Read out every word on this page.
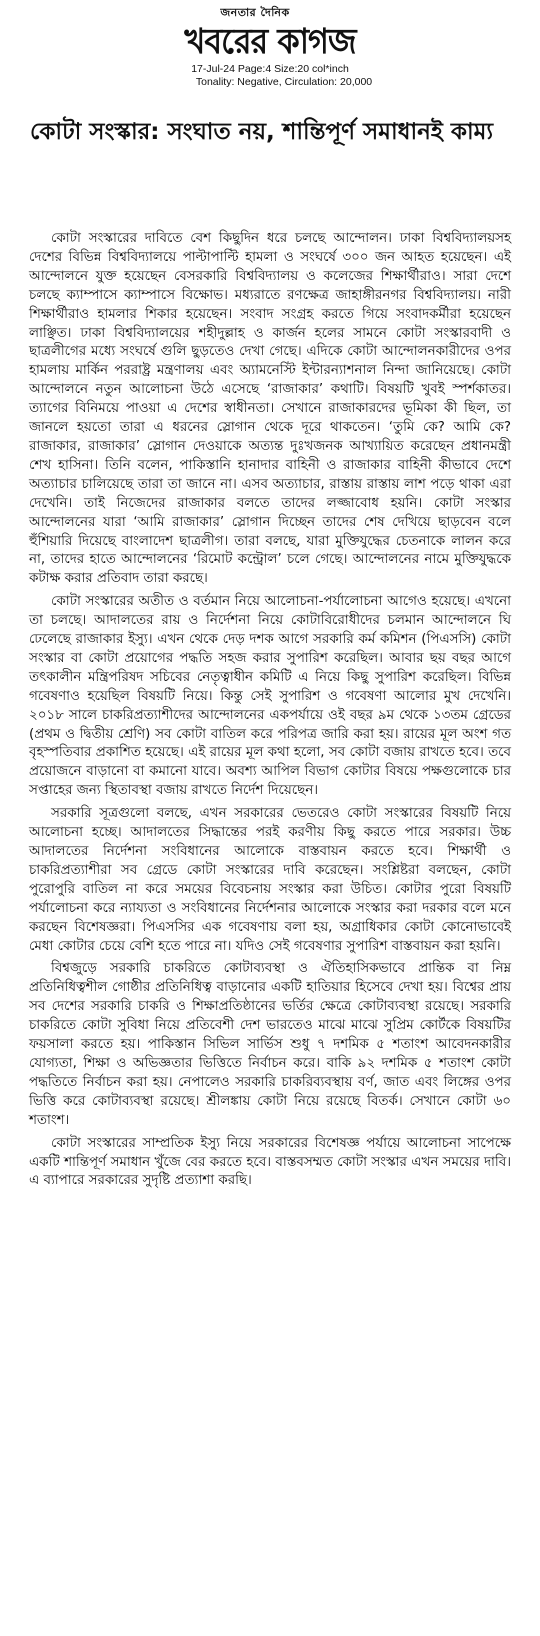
জনতার দৈনিক
খবরের কাগজ
17-Jul-24 Page:4 Size:20 col*inch
Tonality: Negative, Circulation: 20,000
কোটা সংস্কার: সংঘাত নয়, শান্তিপূর্ণ সমাধানই কাম্য

কোটা সংস্কারের দাবিতে বেশ কিছুদিন ধরে চলছে আন্দোলন। ঢাকা বিশ্ববিদ্যালয়সহ দেশের বিভিন্ন বিশ্ববিদ্যালয়ে পাল্টাপাল্টি হামলা ও সংঘর্ষে ৩০০ জন আহত হয়েছেন। এই আন্দোলনে যুক্ত হয়েছেন বেসরকারি বিশ্ববিদ্যালয় ও কলেজের শিক্ষার্থীরাও। সারা দেশে চলছে ক্যাম্পাসে ক্যাম্পাসে বিক্ষোভ। মধ্যরাতে রণক্ষেত্র জাহাঙ্গীরনগর বিশ্ববিদ্যালয়। নারী শিক্ষার্থীরাও হামলার শিকার হয়েছেন। সংবাদ সংগ্রহ করতে গিয়ে সংবাদকর্মীরা হয়েছেন লাঞ্ছিত। ঢাকা বিশ্ববিদ্যালয়ের শহীদুল্লাহ ও কার্জন হলের সামনে কোটা সংস্কারবাদী ও ছাত্রলীগের মধ্যে সংঘর্ষে গুলি ছুড়তেও দেখা গেছে। এদিকে কোটা আন্দোলনকারীদের ওপর হামলায় মার্কিন পররাষ্ট্র মন্ত্রণালয় এবং অ্যামনেস্টি ইন্টারন্যাশনাল নিন্দা জানিয়েছে। কোটা আন্দোলনে নতুন আলোচনা উঠে এসেছে ‘রাজাকার’ কথাটি। বিষয়টি খুবই স্পর্শকাতর। ত্যাগের বিনিময়ে পাওয়া এ দেশের স্বাধীনতা। সেখানে রাজাকারদের ভূমিকা কী ছিল, তা জানলে হয়তো তারা এ ধরনের স্লোগান থেকে দূরে থাকতেন। ‘তুমি কে? আমি কে? রাজাকার, রাজাকার’ স্লোগান দেওয়াকে অত্যন্ত দুঃখজনক আখ্যায়িত করেছেন প্রধানমন্ত্রী শেখ হাসিনা। তিনি বলেন, পাকিস্তানি হানাদার বাহিনী ও রাজাকার বাহিনী কীভাবে দেশে অত্যাচার চালিয়েছে তারা তা জানে না। এসব অত্যাচার, রাস্তায় রাস্তায় লাশ পড়ে থাকা এরা দেখেনি। তাই নিজেদের রাজাকার বলতে তাদের লজ্জাবোধ হয়নি। কোটা সংস্কার আন্দোলনের যারা ‘আমি রাজাকার’ স্লোগান দিচ্ছেন তাদের শেষ দেখিয়ে ছাড়বেন বলে হুঁশিয়ারি দিয়েছে বাংলাদেশ ছাত্রলীগ। তারা বলছে, যারা মুক্তিযুদ্ধের চেতনাকে লালন করে না, তাদের হাতে আন্দোলনের ‘রিমোট কন্ট্রোল’ চলে গেছে। আন্দোলনের নামে মুক্তিযুদ্ধকে কটাক্ষ করার প্রতিবাদ তারা করছে।

কোটা সংস্কারের অতীত ও বর্তমান নিয়ে আলোচনা-পর্যালোচনা আগেও হয়েছে। এখনো তা চলছে। আদালতের রায় ও নির্দেশনা নিয়ে কোটাবিরোধীদের চলমান আন্দোলনে ঘি ঢেলেছে রাজাকার ইস্যু। এখন থেকে দেড় দশক আগে সরকারি কর্ম কমিশন (পিএসসি) কোটা সংস্কার বা কোটা প্রয়োগের পদ্ধতি সহজ করার সুপারিশ করেছিল। আবার ছয় বছর আগে তৎকালীন মন্ত্রিপরিষদ সচিবের নেতৃত্বাধীন কমিটি এ নিয়ে কিছু সুপারিশ করেছিল। বিভিন্ন গবেষণাও হয়েছিল বিষয়টি নিয়ে। কিন্তু সেই সুপারিশ ও গবেষণা আলোর মুখ দেখেনি। ২০১৮ সালে চাকরিপ্রত্যাশীদের আন্দোলনের একপর্যায়ে ওই বছর ৯ম থেকে ১৩তম গ্রেডের (প্রথম ও দ্বিতীয় শ্রেণি) সব কোটা বাতিল করে পরিপত্র জারি করা হয়। রায়ের মূল অংশ গত বৃহস্পতিবার প্রকাশিত হয়েছে। এই রায়ের মূল কথা হলো, সব কোটা বজায় রাখতে হবে। তবে প্রয়োজনে বাড়ানো বা কমানো যাবে। অবশ্য আপিল বিভাগ কোটার বিষয়ে পক্ষগুলোকে চার সপ্তাহের জন্য স্থিতাবস্থা বজায় রাখতে নির্দেশ দিয়েছেন।

সরকারি সূত্রগুলো বলছে, এখন সরকারের ভেতরেও কোটা সংস্কারের বিষয়টি নিয়ে আলোচনা হচ্ছে। আদালতের সিদ্ধান্তের পরই করণীয় কিছু করতে পারে সরকার। উচ্চ আদালতের নির্দেশনা সংবিধানের আলোকে বাস্তবায়ন করতে হবে। শিক্ষার্থী ও চাকরিপ্রত্যাশীরা সব গ্রেডে কোটা সংস্কারের দাবি করেছেন। সংশ্লিষ্টরা বলছেন, কোটা পুরোপুরি বাতিল না করে সময়ের বিবেচনায় সংস্কার করা উচিত। কোটার পুরো বিষয়টি পর্যালোচনা করে ন্যায্যতা ও সংবিধানের নির্দেশনার আলোকে সংস্কার করা দরকার বলে মনে করছেন বিশেষজ্ঞরা। পিএসসির এক গবেষণায় বলা হয়, অগ্রাধিকার কোটা কোনোভাবেই মেধা কোটার চেয়ে বেশি হতে পারে না। যদিও সেই গবেষণার সুপারিশ বাস্তবায়ন করা হয়নি।

বিশ্বজুড়ে সরকারি চাকরিতে কোটাব্যবস্থা ও ঐতিহাসিকভাবে প্রান্তিক বা নিম্ন প্রতিনিধিত্বশীল গোষ্ঠীর প্রতিনিধিত্ব বাড়ানোর একটি হাতিয়ার হিসেবে দেখা হয়। বিশ্বের প্রায় সব দেশের সরকারি চাকরি ও শিক্ষাপ্রতিষ্ঠানের ভর্তির ক্ষেত্রে কোটাব্যবস্থা রয়েছে। সরকারি চাকরিতে কোটা সুবিধা নিয়ে প্রতিবেশী দেশ ভারতেও মাঝে মাঝে সুপ্রিম কোর্টকে বিষয়টির ফয়সালা করতে হয়। পাকিস্তান সিভিল সার্ভিস শুধু ৭ দশমিক ৫ শতাংশ আবেদনকারীর যোগ্যতা, শিক্ষা ও অভিজ্ঞতার ভিত্তিতে নির্বাচন করে। বাকি ৯২ দশমিক ৫ শতাংশ কোটা পদ্ধতিতে নির্বাচন করা হয়। নেপালেও সরকারি চাকরিব্যবস্থায় বর্ণ, জাত এবং লিঙ্গের ওপর ভিত্তি করে কোটাব্যবস্থা রয়েছে। শ্রীলঙ্কায় কোটা নিয়ে রয়েছে বিতর্ক। সেখানে কোটা ৬০ শতাংশ।

কোটা সংস্কারের সাম্প্রতিক ইস্যু নিয়ে সরকারের বিশেষজ্ঞ পর্যায়ে আলোচনা সাপেক্ষে একটি শান্তিপূর্ণ সমাধান খুঁজে বের করতে হবে। বাস্তবসম্মত কোটা সংস্কার এখন সময়ের দাবি। এ ব্যাপারে সরকারের সুদৃষ্টি প্রত্যাশা করছি।
